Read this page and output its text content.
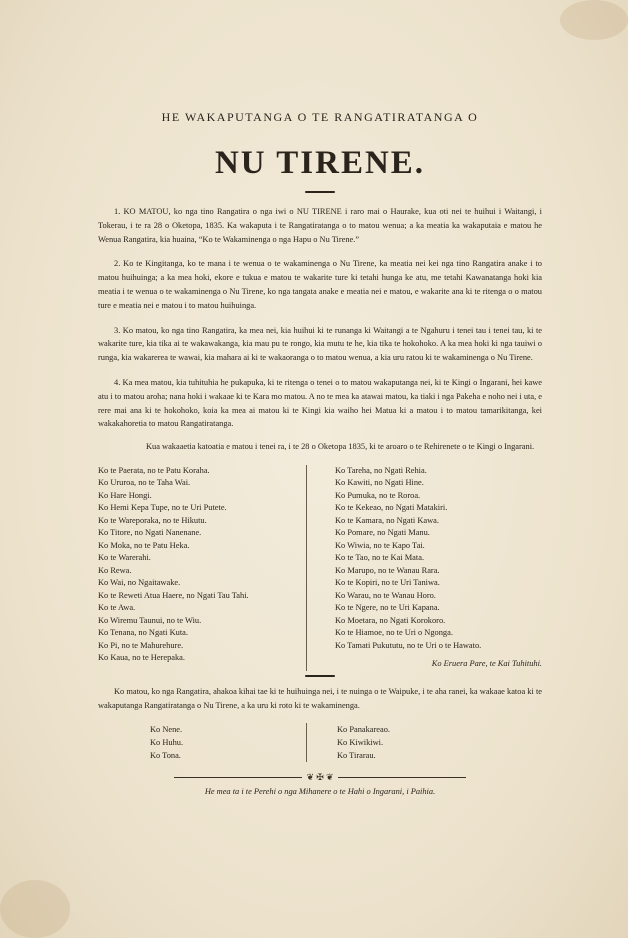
HE WAKAPUTANGA O TE RANGATIRATANGA O
NU TIRENE.

1. KO MATOU, ko nga tino Rangatira o nga iwi o NU TIRENE i raro mai o Haurake, kua oti nei te huihui i Waitangi, i Tokerau, i te ra 28 o Oketopa, 1835. Ka wakaputa i te Rangatiratanga o to matou wenua; a ka meatia ka wakaputaia e matou he Wenua Rangatira, kia huaina, “Ko te Wakaminenga o nga Hapu o Nu Tirene.”

2. Ko te Kingitanga, ko te mana i te wenua o te wakaminenga o Nu Tirene, ka meatia nei kei nga tino Rangatira anake i to matou huihuinga; a ka mea hoki, ekore e tukua e matou te wakarite ture ki tetahi hunga ke atu, me tetahi Kawanatanga hoki kia meatia i te wenua o te wakaminenga o Nu Tirene, ko nga tangata anake e meatia nei e matou, e wakarite ana ki te ritenga o o matou ture e meatia nei e matou i to matou huihuinga.

3. Ko matou, ko nga tino Rangatira, ka mea nei, kia huihui ki te runanga ki Waitangi a te Ngahuru i tenei tau i tenei tau, ki te wakarite ture, kia tika ai te wakawakanga, kia mau pu te rongo, kia mutu te he, kia tika te hokohoko. A ka mea hoki ki nga tauiwi o runga, kia wakarerea te wawai, kia mahara ai ki te wakaoranga o to matou wenua, a kia uru ratou ki te wakaminenga o Nu Tirene.

4. Ka mea matou, kia tuhituhia he pukapuka, ki te ritenga o tenei o to matou wakaputanga nei, ki te Kingi o Ingarani, hei kawe atu i to matou aroha; nana hoki i wakaae ki te Kara mo matou. A no te mea ka atawai matou, ka tiaki i nga Pakeha e noho nei i uta, e rere mai ana ki te hokohoko, koia ka mea ai matou ki te Kingi kia waiho hei Matua ki a matou i to matou tamarikitanga, kei wakakahoretia to matou Rangatiratanga.

Kua wakaaetia katoatia e matou i tenei ra, i te 28 o Oketopa 1835, ki te aroaro o te Rehirenete o te Kingi o Ingarani.

Ko te Paerata, no te Patu Koraha.
Ko Ururoa, no te Taha Wai.
Ko Hare Hongi.
Ko Hemi Kepa Tupe, no te Uri Putete.
Ko te Wareporaka, no te Hikutu.
Ko Titore, no Ngati Nanenane.
Ko Moka, no te Patu Heka.
Ko te Warerahi.
Ko Rewa.
Ko Wai, no Ngaitawake.
Ko te Reweti Atua Haere, no Ngati Tau Tahi.
Ko te Awa.
Ko Wiremu Taunui, no te Wiu.
Ko Tenana, no Ngati Kuta.
Ko Pi, no te Mahurehure.
Ko Kaua, no te Herepaka.
Ko Tareha, no Ngati Rehia.
Ko Kawiti, no Ngati Hine.
Ko Pumuka, no te Roroa.
Ko te Kekeao, no Ngati Matakiri.
Ko te Kamara, no Ngati Kawa.
Ko Pomare, no Ngati Manu.
Ko Wiwia, no te Kapo Tai.
Ko te Tao, no te Kai Mata.
Ko Marupo, no te Wanau Rara.
Ko te Kopiri, no te Uri Taniwa.
Ko Warau, no te Wanau Horo.
Ko te Ngere, no te Uri Kapana.
Ko Moetara, no Ngati Korokoro.
Ko te Hiamoe, no te Uri o Ngonga.
Ko Tamati Pukututu, no te Uri o te Hawato.
Ko Eruera Pare, te Kai Tuhituhi.

Ko matou, ko nga Rangatira, ahakoa kihai tae ki te huihuinga nei, i te nuinga o te Waipuke, i te aha ranei, ka wakaae katoa ki te wakaputanga Rangatiratanga o Nu Tirene, a ka uru ki roto ki te wakaminenga.

Ko Nene.
Ko Huhu.
Ko Tona.
Ko Panakareao.
Ko Kiwikiwi.
Ko Tirarau.
❦ ✠ ❦
He mea ta i te Perehi o nga Mihanere o te Hahi o Ingarani, i Paihia.
